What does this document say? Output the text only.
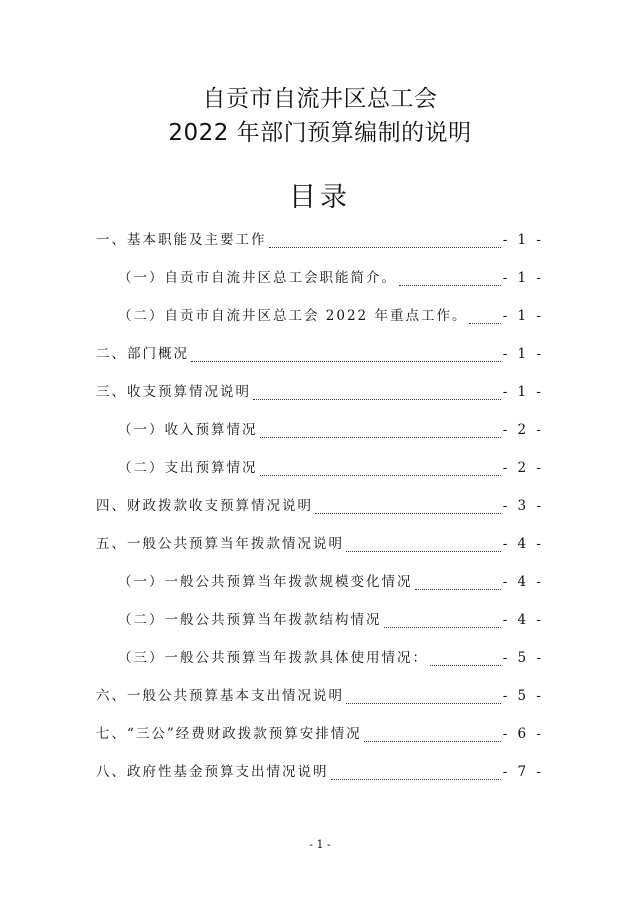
自贡市自流井区总工会
2022 年部门预算编制的说明
目录
一、基本职能及主要工作	- 1 -
（一）自贡市自流井区总工会职能简介。	- 1 -
（二）自贡市自流井区总工会 2022 年重点工作。	- 1 -
二、部门概况	- 1 -
三、收支预算情况说明	- 1 -
（一）收入预算情况	- 2 -
（二）支出预算情况	- 2 -
四、财政拨款收支预算情况说明	- 3 -
五、一般公共预算当年拨款情况说明	- 4 -
（一）一般公共预算当年拨款规模变化情况	- 4 -
（二）一般公共预算当年拨款结构情况	- 4 -
（三）一般公共预算当年拨款具体使用情况：	- 5 -
六、一般公共预算基本支出情况说明	- 5 -
七、“三公”经费财政拨款预算安排情况	- 6 -
八、政府性基金预算支出情况说明	- 7 -
- 1 -
